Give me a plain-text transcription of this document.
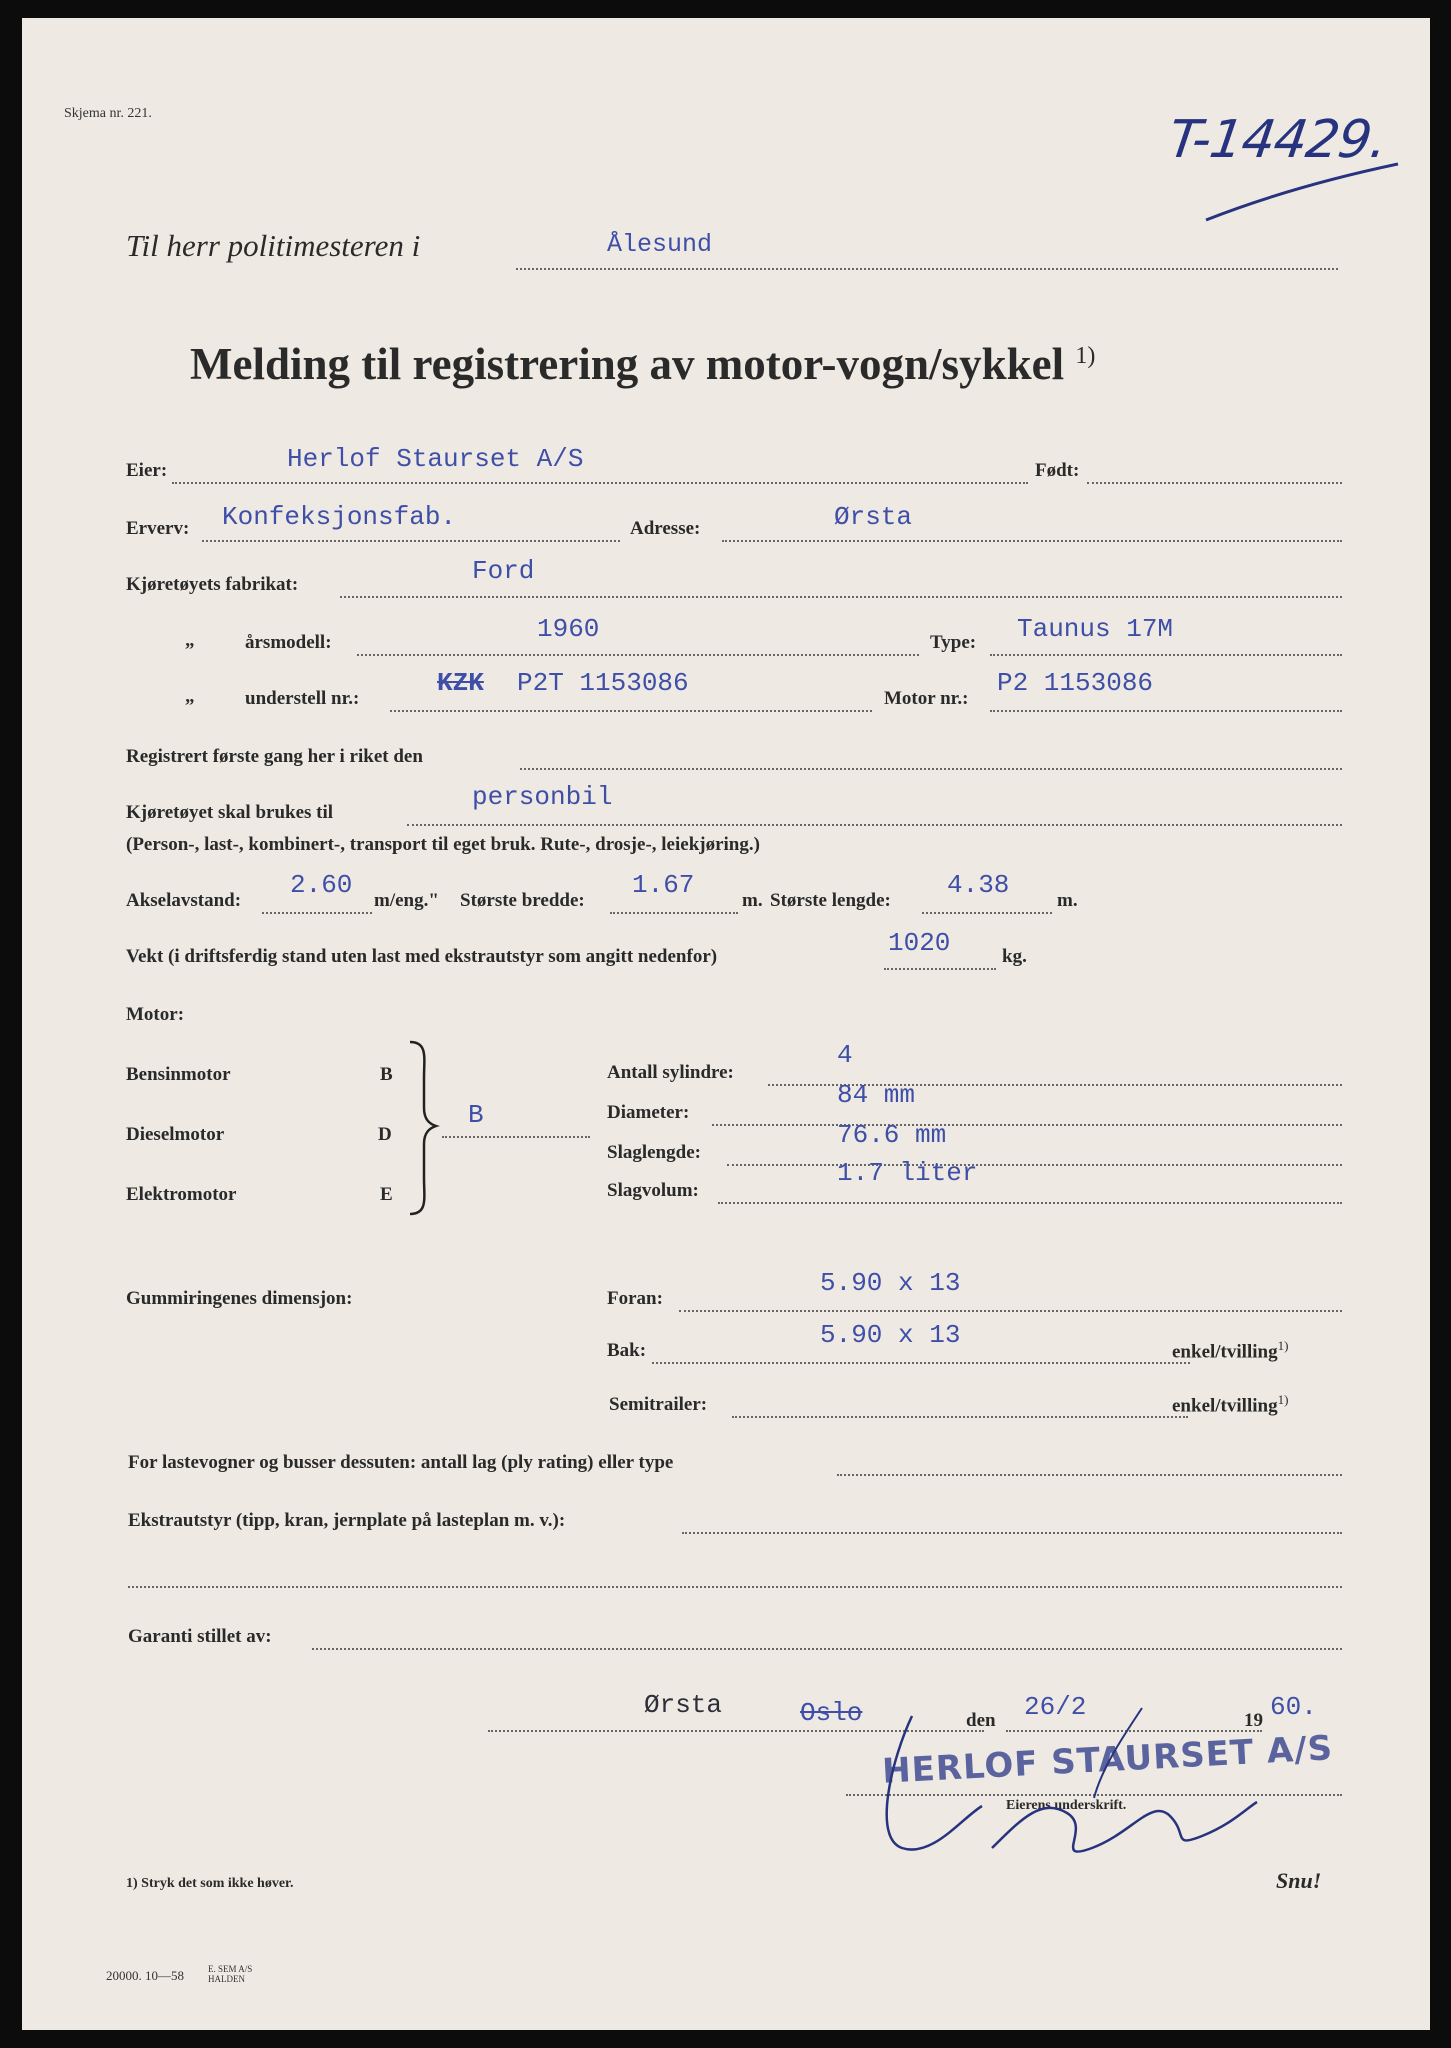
Skjema nr. 221.	T-14429.
Til herr politimesteren i	Ålesund
Melding til registrering av motor-vogn/sykkel $^{1)}$
Eier:	Herlof Staurset A/S	Født:
Erverv: Konfeksjonsfab.	Adresse:	Ørsta
Kjøretøyets fabrikat:	Ford
„	årsmodell:	1960	Type: Taunus 17M
„	understell nr.:
KZK P2T 1153086
Motor nr.:
P2 1153086
Registrert første gang her i riket den
Kjøretøyet skal brukes til
personbil
(Person-, last-, kombinert-, transport til eget bruk. Rute-, drosje-, leiekjøring.)
Akselavstand:
2.60
m/eng." Største bredde:
1.67
m. Største lengde:
4.38
m.
Vekt (i driftsferdig stand uten last med ekstrautstyr som angitt nedenfor)	1020	kg.
Motor:
Bensinmotor	B
Dieselmotor	D
Elektromotor	E
B
Antall sylindre:
4
Diameter:
84 mm
Slaglengde:
76.6 mm
Slagvolum:
1.7 liter
Gummiringenes dimensjon:	Foran:
5.90 x 13
Bak:
5.90 x 13
enkel/tvilling$^{1)}$
Semitrailer:	enkel/tvilling$^{1)}$
For lastevogner og busser dessuten: antall lag (ply rating) eller type
Ekstrautstyr (tipp, kran, jernplate på lasteplan m. v.):
Garanti stillet av:
Ørsta	Oslo	den 26/2	19 60.
HERLOF STAURSET A/S
Eierens underskrift.
1) Stryk det som ikke høver.	Snu!
20000. 10—58	E. SEM A/S HALDEN
